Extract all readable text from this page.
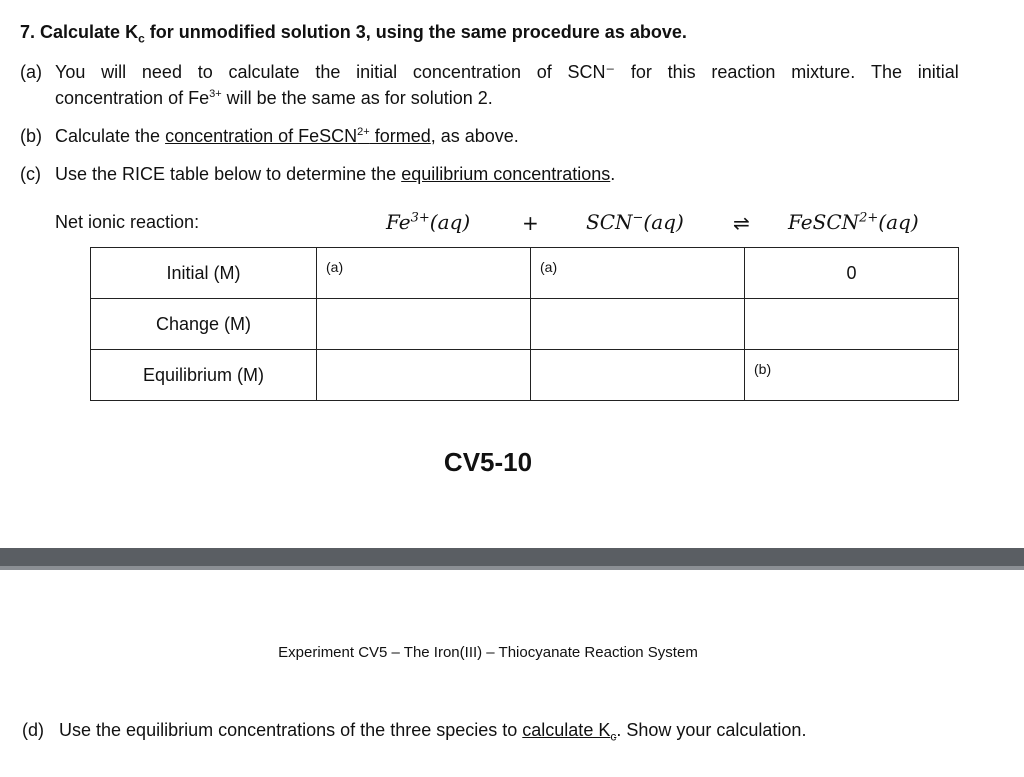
7. Calculate $K_c$ for unmodified solution 3, using the same procedure as above.
(a) You will need to calculate the initial concentration of SCN⁻ for this reaction mixture. The initial
concentration of $Fe^{3+}$ will be the same as for solution 2.
(b) Calculate the concentration of FeSCN$^{2+}$ formed, as above.
(c) Use the RICE table below to determine the equilibrium concentrations.
Net ionic reaction:	$Fe^{3+}(aq)$	+ SCN−(aq) ⇌ FeSCN$^{2+}$(aq)
Initial (M)	(a)	(a)	0
Change (M)			
Equilibrium (M)			(b)
CV5-10
Experiment CV5 – The Iron(III) – Thiocyanate Reaction System
(d) Use the equilibrium concentrations of the three species to calculate $K_c$. Show your calculation.
